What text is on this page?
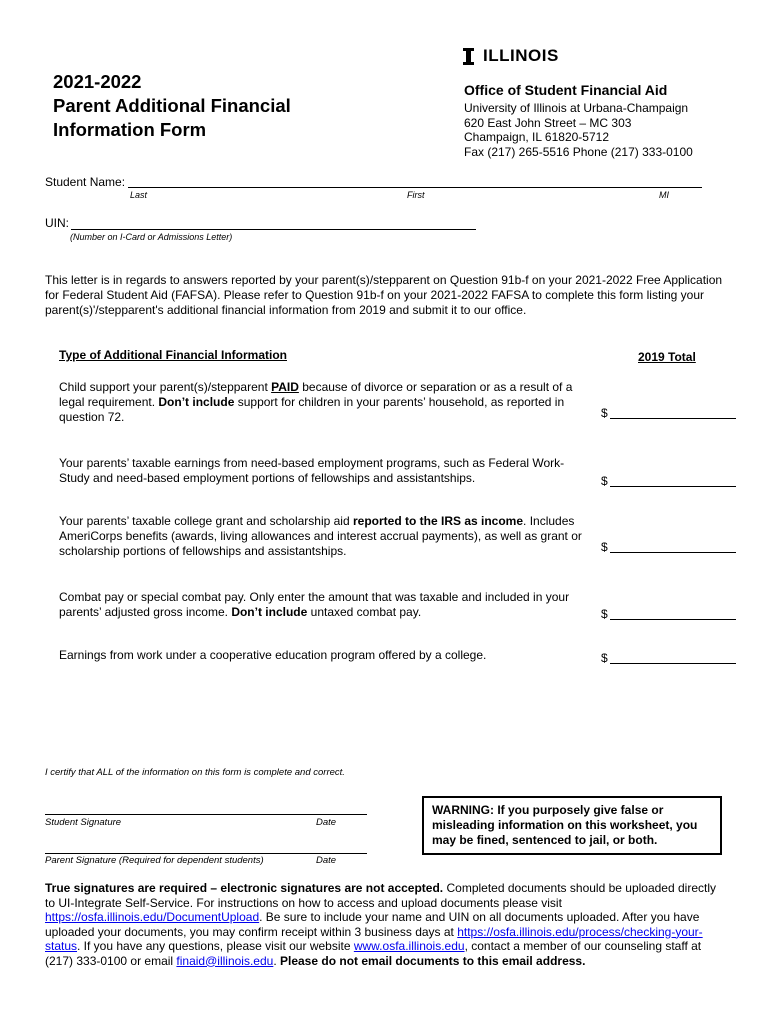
ILLINOIS
2021-2022
Parent Additional Financial
Information Form
Office of Student Financial Aid
University of Illinois at Urbana-Champaign
620 East John Street – MC 303
Champaign, IL 61820-5712
Fax (217) 265-5516 Phone (217) 333-0100
Student Name:
Last	First	MI
UIN:
(Number on I-Card or Admissions Letter)
This letter is in regards to answers reported by your parent(s)/stepparent on Question 91b-f on your 2021-2022 Free Application for Federal Student Aid (FAFSA). Please refer to Question 91b-f on your 2021-2022 FAFSA to complete this form listing your parent(s)'/stepparent's additional financial information from 2019 and submit it to our office.
Type of Additional Financial Information	2019 Total
Child support your parent(s)/stepparent PAID because of divorce or separation or as a result of a legal requirement. Don’t include support for children in your parents’ household, as reported in question 72.	$
Your parents’ taxable earnings from need-based employment programs, such as Federal Work-Study and need-based employment portions of fellowships and assistantships.	$
Your parents’ taxable college grant and scholarship aid reported to the IRS as income. Includes AmeriCorps benefits (awards, living allowances and interest accrual payments), as well as grant or scholarship portions of fellowships and assistantships.	$
Combat pay or special combat pay. Only enter the amount that was taxable and included in your parents’ adjusted gross income. Don’t include untaxed combat pay.	$
Earnings from work under a cooperative education program offered by a college.	$
I certify that ALL of the information on this form is complete and correct.
Student Signature	Date
Parent Signature (Required for dependent students)	Date
WARNING: If you purposely give false or misleading information on this worksheet, you may be fined, sentenced to jail, or both.
True signatures are required – electronic signatures are not accepted. Completed documents should be uploaded directly to UI-Integrate Self-Service. For instructions on how to access and upload documents please visit https://osfa.illinois.edu/DocumentUpload. Be sure to include your name and UIN on all documents uploaded. After you have uploaded your documents, you may confirm receipt within 3 business days at https://osfa.illinois.edu/process/checking-your-status. If you have any questions, please visit our website www.osfa.illinois.edu, contact a member of our counseling staff at (217) 333-0100 or email finaid@illinois.edu. Please do not email documents to this email address.
